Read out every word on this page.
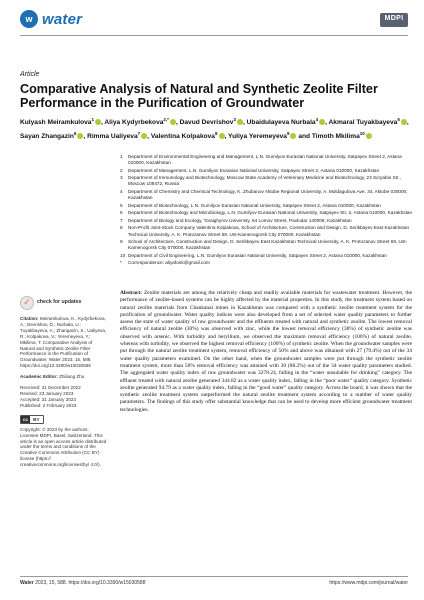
w water	MDPI
Article
Comparative Analysis of Natural and Synthetic Zeolite Filter Performance in the Purification of Groundwater
Kulyash Meiramkulova$^1$ , Aliya Kydyrbekova$^{2,*}$ , Davud Devrishov$^3$ , Ubaidulayeva Nurbala$^4$ , Akmaral Tuyakbayeva$^5$ , Sayan Zhangazin$^6$ , Rimma Ualiyeva$^7$ , Valentina Kolpakova$^8$ , Yuliya Yeremeyeva$^9$ and Timoth Mkilima$^{10}$
1	Department of Environmental Engineering and Management, L.N. Gumilyov Eurasian National University, Satpayev Street 2, Astana 010000, Kazakhstan
2	Department of Management, L.N. Gumilyov Eurasian National University, Satpayev Street 2, Astana 010000, Kazakhstan
3	Department of Immunology and Biotechnology, Moscow State Academy of Veterinary Medicine and Biotechnology, 23 Scryabin Str., Moscow 109472, Russia
4	Department of Chemistry and Chemical Technology, K. Zhubanov Aktobe Regional University, A. Moldagulova Ave. 34, Aktobe 030000, Kazakhstan
5	Department of Biotechnology, L.N. Gumilyov Eurasian National University, Satpayev Street 2, Astana 010000, Kazakhstan
6	Department of Biotechnology and Microbiology, L.N. Gumilyov Eurasian National University, Satpayev Str. 2, Astana 010000, Kazakhstan
7	Department of Biology and Ecology, Toraighyrov University, 64 Lomov Street, Pavlodar 140008, Kazakhstan
8	Non-Profit Joint-Stock Company Valentina Kolpakova, School of Architecture, Construction and Design, D. Serikbayev East Kazakhstan Technical University, A. K. Protozanov Street 69, Ust-Kamenogorsk City 070000, Kazakhstan
9	School of Architecture, Construction and Design, D. Serikbayev East Kazakhstan Technical University, A. K. Protozanov Street 69, Ust-Kamenogorsk City 070000, Kazakhstan
10 Department of Civil Engineering, L.N. Gumilyov Eurasian National University, Satpayev Street 2, Astana 010000, Kazakhstan
*	Correspondence: aliyafonk@gmail.com
✓ check for updates
Citation: Meiramkulova, K.; Kydyrbekova, A.; Devrishov, D.; Nurbala, U.; Tuyakbayeva, A.; Zhangazin, S.; Ualiyeva, R.; Kolpakova, V.; Yeremeyeva, Y.; Mkilima, T. Comparative Analysis of Natural and Synthetic Zeolite Filter Performance in the Purification of Groundwater. Water 2023, 15, 588. https://doi.org/10.3390/w15030588
Academic Editor: Zhiliang Zhu
Received: 31 December 2022
Revised: 23 January 2023
Accepted: 31 January 2023
Published: 2 February 2023
cc	BY
Copyright: © 2023 by the authors. Licensee MDPI, Basel, Switzerland. This article is an open access article distributed under the terms and conditions of the Creative Commons Attribution (CC BY) license (https:// creativecommons.org/licenses/by/ 4.0/).
Abstract: Zeolite materials are among the relatively cheap and readily available materials for wastewater treatment. However, the performance of zeolite-based systems can be highly affected by the material properties. In this study, the treatment system based on natural zeolite materials from Chankanai mines in Kazakhstan was compared with a synthetic zeolite treatment system for the purification of groundwater. Water quality indices were also developed from a set of selected water quality parameters to further assess the state of water quality of raw groundwater and the effluents treated with natural and synthetic zeolite. The lowest removal efficiency of natural zeolite (30%) was observed with zinc, while the lowest removal efficiency (38%) of synthetic zeolite was observed with arsenic. With turbidity and beryllium, we observed the maximum removal efficiency (100%) of natural zeolite, whereas with turbidity, we observed the highest removal efficiency (100%) of synthetic zeolite. When the groundwater samples were put through the natural zeolite treatment system, removal efficiency of 50% and above was obtained with 27 (79.4%) out of the 34 water quality parameters examined. On the other hand, when the groundwater samples were put through the synthetic zeolite treatment system, more than 50% removal efficiency was attained with 30 (88.2%) out of the 34 water quality parameters studied. The aggregated water quality index of raw groundwater was 3278.24, falling in the “water unsuitable for drinking” category. The effluent treated with natural zeolite generated 344.82 as a water quality index, falling in the “poor water” quality category. Synthetic zeolite generated 94.79 as a water quality index, falling in the “good water” quality category. Across the board, it was shown that the synthetic zeolite treatment system outperformed the natural zeolite treatment system according to a number of water quality parameters. The findings of this study offer substantial knowledge that can be used to develop more efficient groundwater treatment technologies.
Water 2023, 15, 588. https://doi.org/10.3390/w15030588	https://www.mdpi.com/journal/water
